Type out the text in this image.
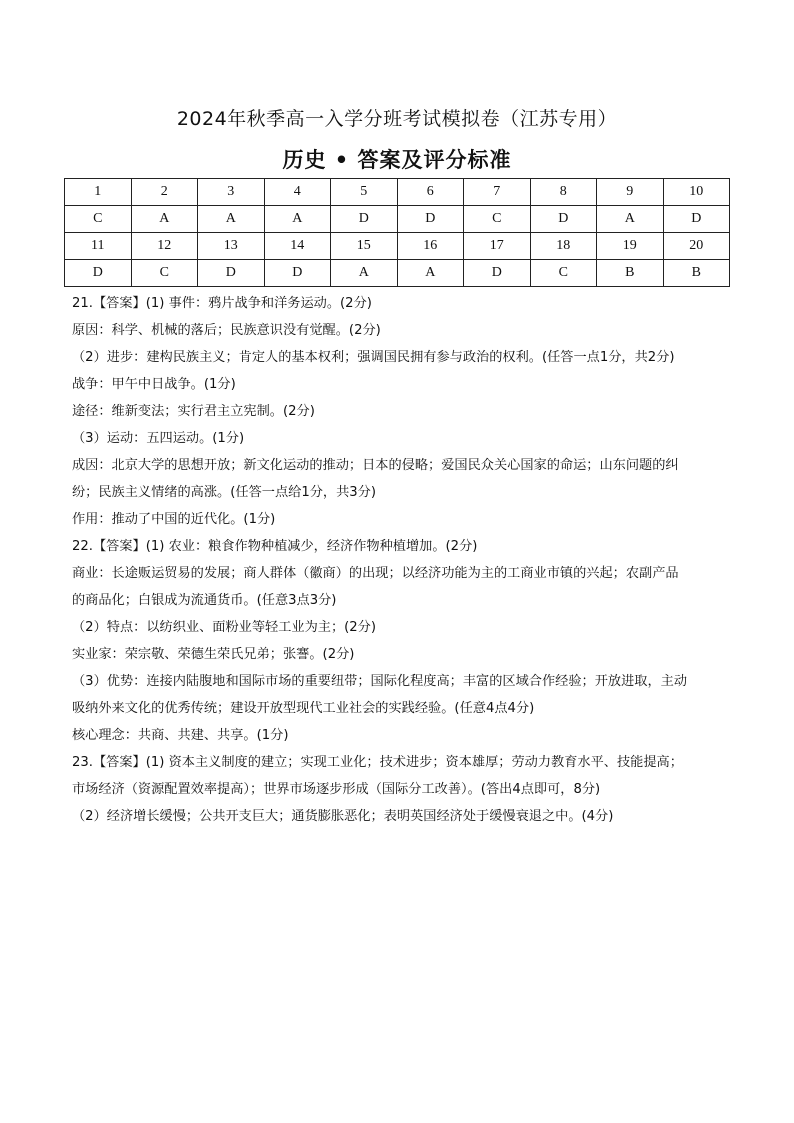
2024年秋季高一入学分班考试模拟卷（江苏专用）
历史 • 答案及评分标准
1	2	3	4	5	6	7	8	9	10
C	A	A	A	D	D	C	D	A	D
11	12	13	14	15	16	17	18	19	20
D	C	D	D	A	A	D	C	B	B

21.【答案】(1) 事件：鸦片战争和洋务运动。(2分)

原因：科学、机械的落后；民族意识没有觉醒。(2分)

（2）进步：建构民族主义；肯定人的基本权利；强调国民拥有参与政治的权利。(任答一点1分，共2分)

战争：甲午中日战争。(1分)

途径：维新变法；实行君主立宪制。(2分)

（3）运动：五四运动。(1分)

成因：北京大学的思想开放；新文化运动的推动；日本的侵略；爱国民众关心国家的命运；山东问题的纠

纷；民族主义情绪的高涨。(任答一点给1分，共3分)

作用：推动了中国的近代化。(1分)

22.【答案】(1) 农业：粮食作物种植减少，经济作物种植增加。(2分)

商业：长途贩运贸易的发展；商人群体（徽商）的出现；以经济功能为主的工商业市镇的兴起；农副产品

的商品化；白银成为流通货币。(任意3点3分)

（2）特点：以纺织业、面粉业等轻工业为主；(2分)

实业家：荣宗敬、荣德生荣氏兄弟；张謇。(2分)

（3）优势：连接内陆腹地和国际市场的重要纽带；国际化程度高；丰富的区域合作经验；开放进取，主动

吸纳外来文化的优秀传统；建设开放型现代工业社会的实践经验。(任意4点4分)

核心理念：共商、共建、共享。(1分)

23.【答案】(1) 资本主义制度的建立；实现工业化；技术进步；资本雄厚；劳动力教育水平、技能提高；

市场经济（资源配置效率提高）；世界市场逐步形成（国际分工改善）。(答出4点即可，8分)

（2）经济增长缓慢；公共开支巨大；通货膨胀恶化；表明英国经济处于缓慢衰退之中。(4分)
